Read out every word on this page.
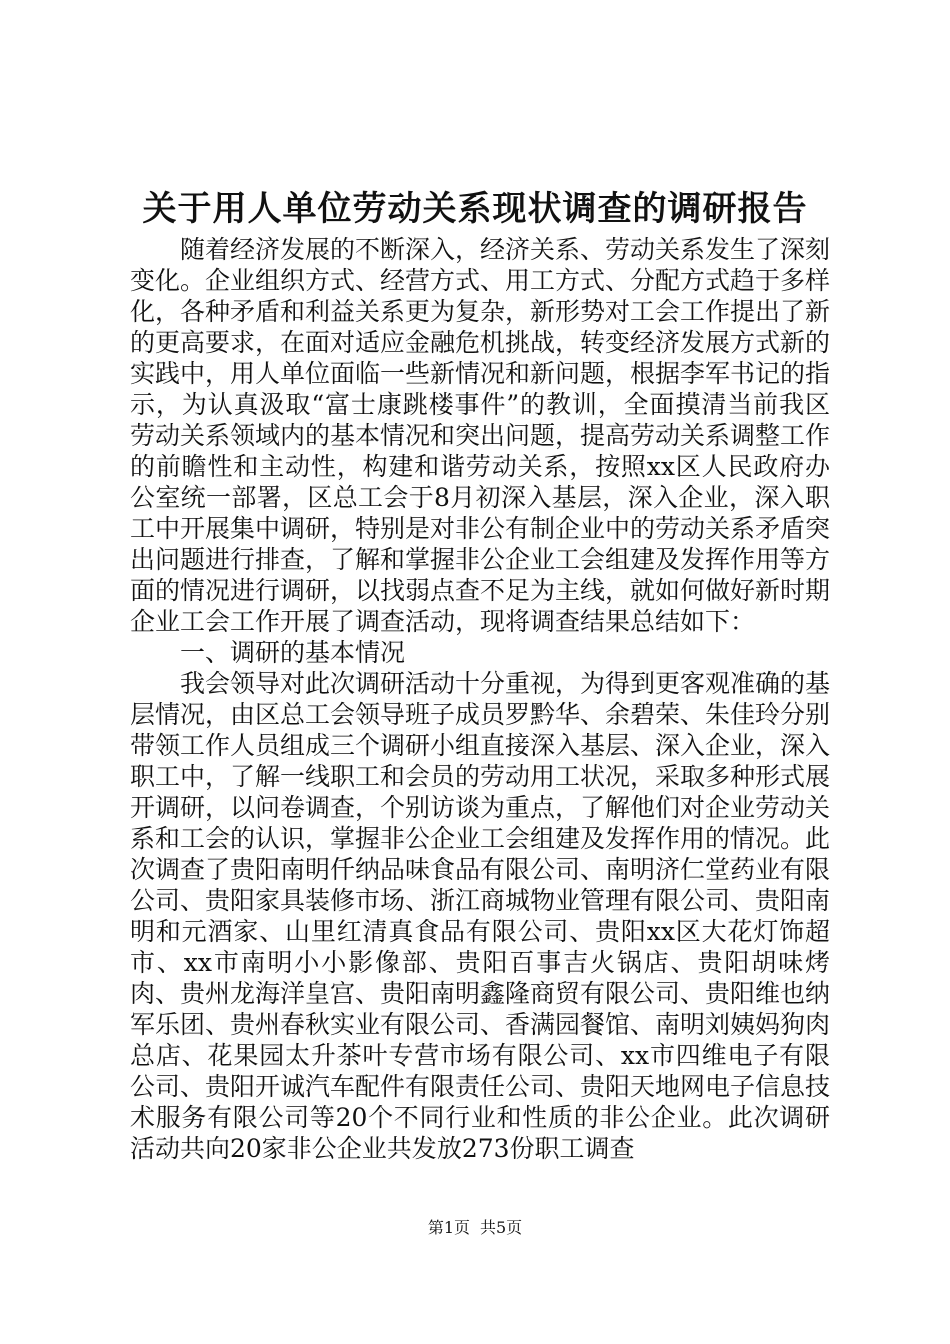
关于用人单位劳动关系现状调查的调研报告

随着经济发展的不断深入，经济关系、劳动关系发生了深刻变化。企业组织方式、经营方式、用工方式、分配方式趋于多样化，各种矛盾和利益关系更为复杂，新形势对工会工作提出了新的更高要求，在面对适应金融危机挑战，转变经济发展方式新的实践中，用人单位面临一些新情况和新问题，根据李军书记的指示，为认真汲取“富士康跳楼事件”的教训，全面摸清当前我区劳动关系领域内的基本情况和突出问题，提高劳动关系调整工作的前瞻性和主动性，构建和谐劳动关系，按照xx区人民政府办公室统一部署，区总工会于8月初深入基层，深入企业，深入职工中开展集中调研，特别是对非公有制企业中的劳动关系矛盾突出问题进行排查，了解和掌握非公企业工会组建及发挥作用等方面的情况进行调研，以找弱点查不足为主线，就如何做好新时期企业工会工作开展了调查活动，现将调查结果总结如下：

一、调研的基本情况

我会领导对此次调研活动十分重视，为得到更客观准确的基层情况，由区总工会领导班子成员罗黔华、余碧荣、朱佳玲分别带领工作人员组成三个调研小组直接深入基层、深入企业，深入职工中，了解一线职工和会员的劳动用工状况，采取多种形式展开调研，以问卷调查，个别访谈为重点，了解他们对企业劳动关系和工会的认识，掌握非公企业工会组建及发挥作用的情况。此次调查了贵阳南明仟纳品味食品有限公司、南明济仁堂药业有限公司、贵阳家具装修市场、浙江商城物业管理有限公司、贵阳南明和元酒家、山里红清真食品有限公司、贵阳xx区大花灯饰超市、xx市南明小小影像部、贵阳百事吉火锅店、贵阳胡味烤肉、贵州龙海洋皇宫、贵阳南明鑫隆商贸有限公司、贵阳维也纳军乐团、贵州春秋实业有限公司、香满园餐馆、南明刘姨妈狗肉总店、花果园太升茶叶专营市场有限公司、xx市四维电子有限公司、贵阳开诚汽车配件有限责任公司、贵阳天地网电子信息技术服务有限公司等20个不同行业和性质的非公企业。此次调研活动共向20家非公企业共发放273份职工调查

第1页 共5页
